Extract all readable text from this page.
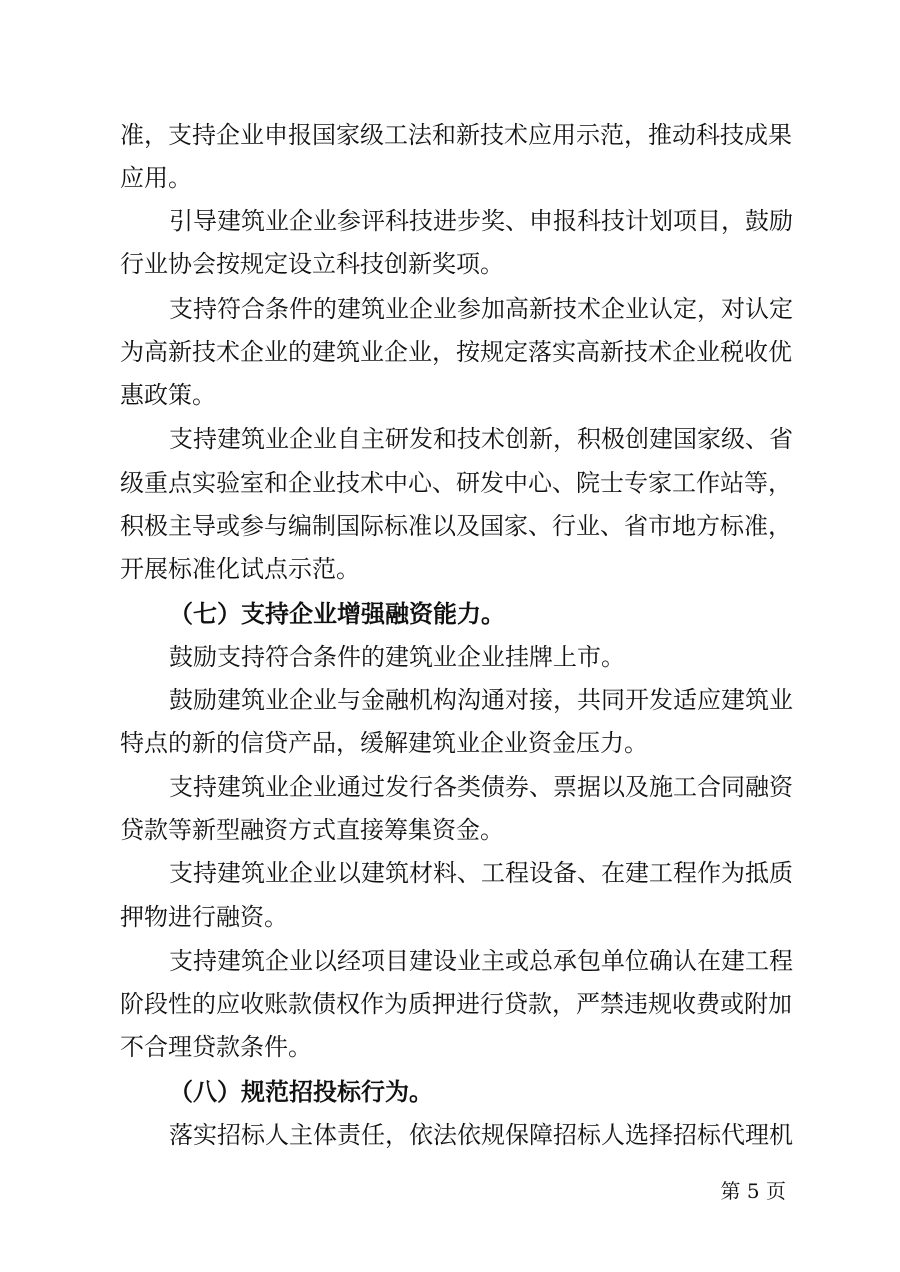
准，支持企业申报国家级工法和新技术应用示范，推动科技成果
应用。
引导建筑业企业参评科技进步奖、申报科技计划项目，鼓励
行业协会按规定设立科技创新奖项。
支持符合条件的建筑业企业参加高新技术企业认定，对认定
为高新技术企业的建筑业企业，按规定落实高新技术企业税收优
惠政策。
支持建筑业企业自主研发和技术创新，积极创建国家级、省
级重点实验室和企业技术中心、研发中心、院士专家工作站等，
积极主导或参与编制国际标准以及国家、行业、省市地方标准，
开展标准化试点示范。
（七）支持企业增强融资能力。
鼓励支持符合条件的建筑业企业挂牌上市。
鼓励建筑业企业与金融机构沟通对接，共同开发适应建筑业
特点的新的信贷产品，缓解建筑业企业资金压力。
支持建筑业企业通过发行各类债券、票据以及施工合同融资
贷款等新型融资方式直接筹集资金。
支持建筑业企业以建筑材料、工程设备、在建工程作为抵质
押物进行融资。
支持建筑企业以经项目建设业主或总承包单位确认在建工程
阶段性的应收账款债权作为质押进行贷款，严禁违规收费或附加
不合理贷款条件。
（八）规范招投标行为。
落实招标人主体责任，依法依规保障招标人选择招标代理机
第 5 页
